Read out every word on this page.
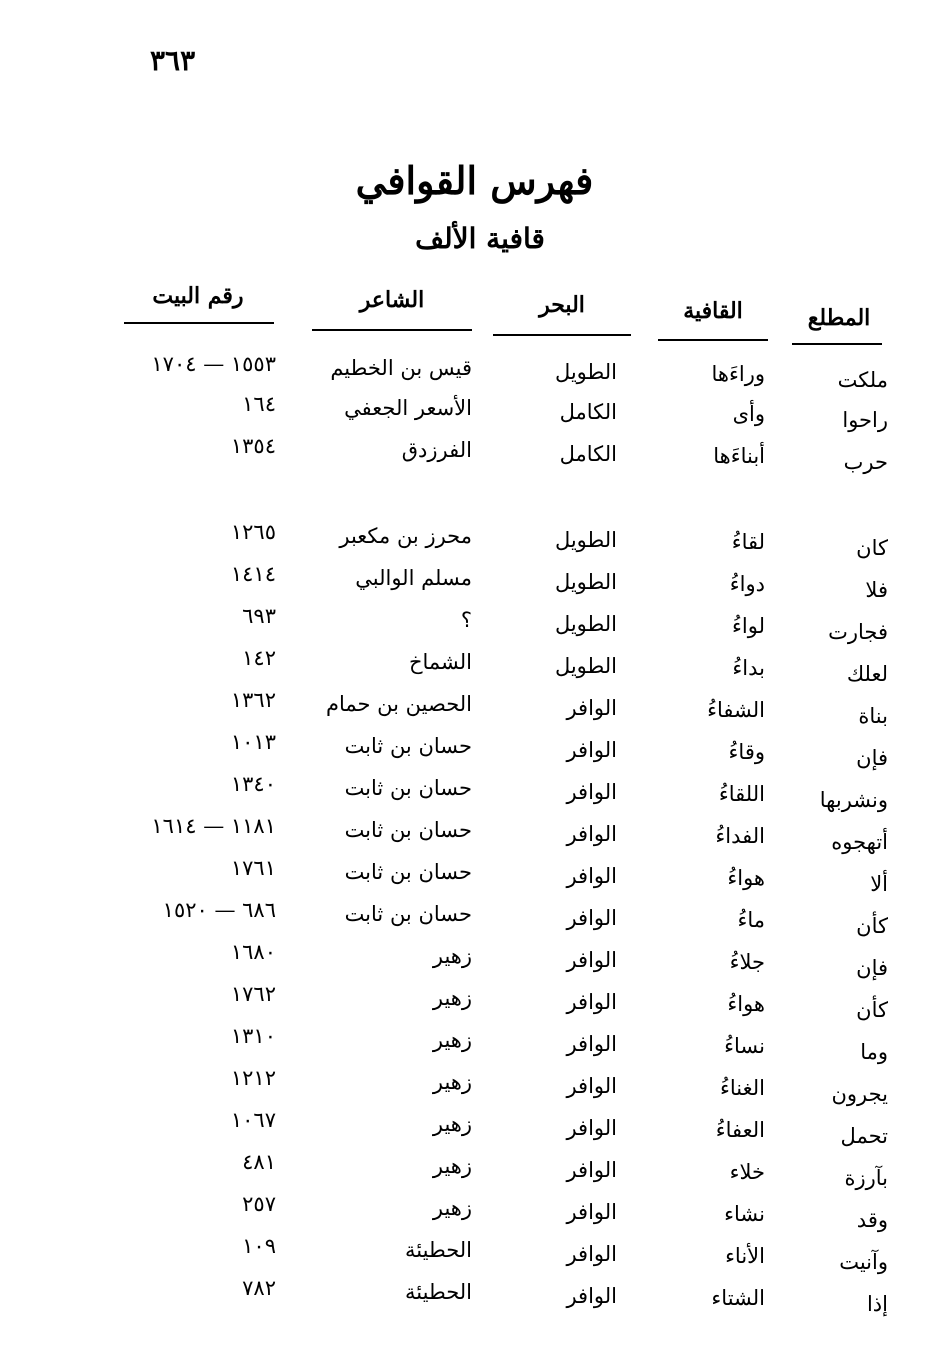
٣٦٣
فهرس القوافي
قافية الألف
المطلع
القافية
البحر
الشاعر
رقم البيت
ملكت
وراءَها
الطويل
قيس بن الخطيم
١٥٥٣ — ١٧٠٤
راحوا
وأى
الكامل
الأسعر الجعفي
١٦٤
حرب
أبناءَها
الكامل
الفرزدق
١٣٥٤
كان
لقاءُ
الطويل
محرز بن مكعبر
١٢٦٥
فلا
دواءُ
الطويل
مسلم الوالبي
١٤١٤
فجارت
لواءُ
الطويل
؟
٦٩٣
لعلك
بداءُ
الطويل
الشماخ
١٤٢
بناة
الشفاءُ
الوافر
الحصين بن حمام
١٣٦٢
فإن
وقاءُ
الوافر
حسان بن ثابت
١٠١٣
ونشربها
اللقاءُ
الوافر
حسان بن ثابت
١٣٤٠
أتهجوه
الفداءُ
الوافر
حسان بن ثابت
١١٨١ — ١٦١٤
ألا
هواءُ
الوافر
حسان بن ثابت
١٧٦١
كأن
ماءُ
الوافر
حسان بن ثابت
٦٨٦ — ١٥٢٠
فإن
جلاءُ
الوافر
زهير
١٦٨٠
كأن
هواءُ
الوافر
زهير
١٧٦٢
وما
نساءُ
الوافر
زهير
١٣١٠
يجرون
الغناءُ
الوافر
زهير
١٢١٢
تحمل
العفاءُ
الوافر
زهير
١٠٦٧
بآرزة
خلاء
الوافر
زهير
٤٨١
وقد
نشاء
الوافر
زهير
٢٥٧
وآنيت
الأناء
الوافر
الحطيئة
١٠٩
إذا
الشتاء
الوافر
الحطيئة
٧٨٢
